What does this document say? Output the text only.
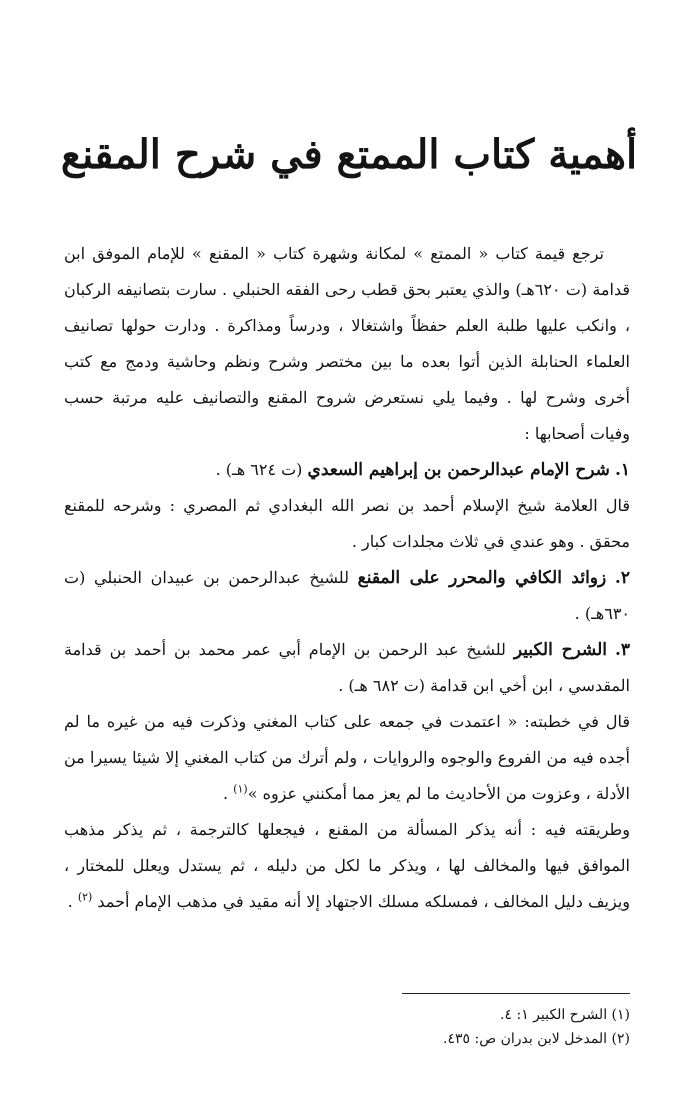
أهمية كتاب الممتع في شرح المقنع

ترجع قيمة كتاب « الممتع » لمكانة وشهرة كتاب « المقنع » للإمام الموفق ابن قدامة (ت ٦٢٠هـ) والذي يعتبر بحق قطب رحى الفقه الحنبلي . سارت بتصانيفه الركبان ، وانكب عليها طلبة العلم حفظاً واشتغالا ، ودرساً ومذاكرة . ودارت حولها تصانيف العلماء الحنابلة الذين أتوا بعده ما بين مختصر وشرح ونظم وحاشية ودمج مع كتب أخرى وشرح لها . وفيما يلي نستعرض شروح المقنع والتصانيف عليه مرتبة حسب وفيات أصحابها :

١. شرح الإمام عبدالرحمن بن إبراهيم السعدي (ت ٦٢٤ هـ) .

قال العلامة شيخ الإسلام أحمد بن نصر الله البغدادي ثم المصري : وشرحه للمقنع محقق . وهو عندي في ثلاث مجلدات كبار .

٢. زوائد الكافي والمحرر على المقنع للشيخ عبدالرحمن بن عبيدان الحنبلي (ت ٦٣٠هـ) .

٣. الشرح الكبير للشيخ عبد الرحمن بن الإمام أبي عمر محمد بن أحمد بن قدامة المقدسي ، ابن أخي ابن قدامة (ت ٦٨٢ هـ) .

قال في خطبته: « اعتمدت في جمعه على كتاب المغني وذكرت فيه من غيره ما لم أجده فيه من الفروع والوجوه والروايات ، ولم أترك من كتاب المغني إلا شيئا يسيرا من الأدلة ، وعزوت من الأحاديث ما لم يعز مما أمكنني عزوه »$^{(١)}$ .

وطريقته فيه : أنه يذكر المسألة من المقنع ، فيجعلها كالترجمة ، ثم يذكر مذهب الموافق فيها والمخالف لها ، ويذكر ما لكل من دليله ، ثم يستدل ويعلل للمختار ، ويزيف دليل المخالف ، فمسلكه مسلك الاجتهاد إلا أنه مقيد في مذهب الإمام أحمد $^{(٢)}$ .

(١) الشرح الكبير ١: ٤.
(٢) المدخل لابن بدران ص: ٤٣٥.
